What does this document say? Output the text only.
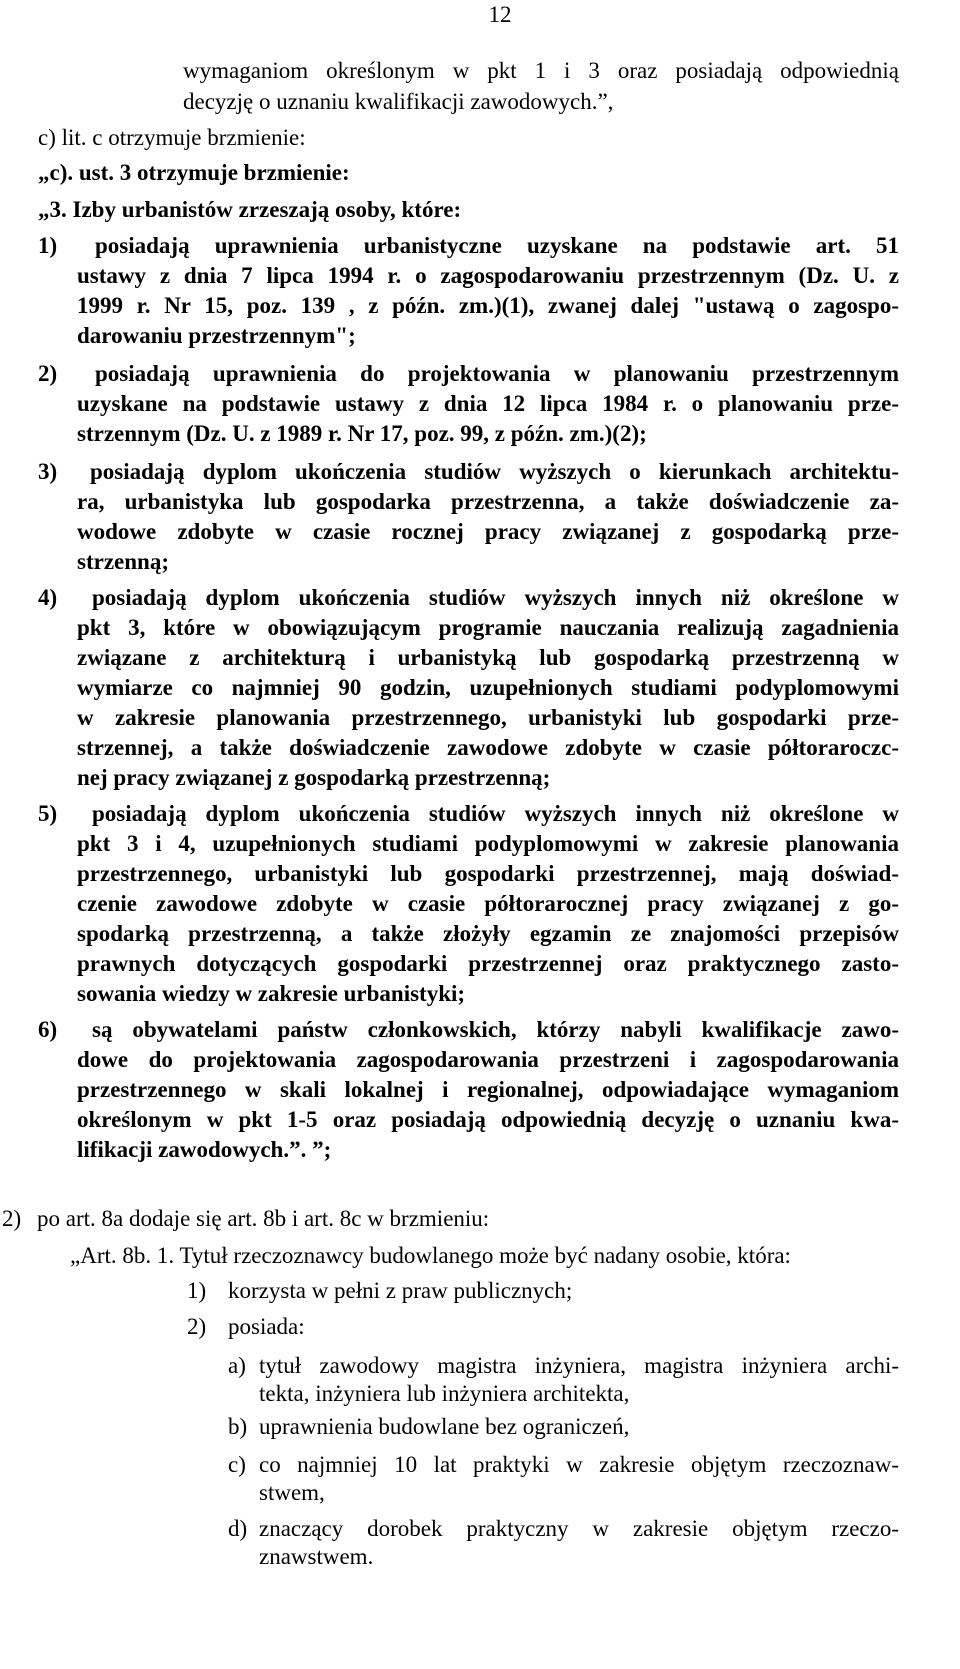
12
wymaganiom określonym w pkt 1 i 3 oraz posiadają odpowiednią
decyzję o uznaniu kwalifikacji zawodowych.”,
c) lit. c otrzymuje brzmienie:
„c). ust. 3 otrzymuje brzmienie:
„3. Izby urbanistów zrzeszają osoby, które:
1) posiadają uprawnienia urbanistyczne uzyskane na podstawie art. 51
ustawy z dnia 7 lipca 1994 r. o zagospodarowaniu przestrzennym (Dz. U. z
1999 r. Nr 15, poz. 139 , z późn. zm.)(1), zwanej dalej "ustawą o zagospo-
darowaniu przestrzennym";
2) posiadają uprawnienia do projektowania w planowaniu przestrzennym
uzyskane na podstawie ustawy z dnia 12 lipca 1984 r. o planowaniu prze-
strzennym (Dz. U. z 1989 r. Nr 17, poz. 99, z późn. zm.)(2);
3) posiadają dyplom ukończenia studiów wyższych o kierunkach architektu-
ra, urbanistyka lub gospodarka przestrzenna, a także doświadczenie za-
wodowe zdobyte w czasie rocznej pracy związanej z gospodarką prze-
strzenną;
4) posiadają dyplom ukończenia studiów wyższych innych niż określone w
pkt 3, które w obowiązującym programie nauczania realizują zagadnienia
związane z architekturą i urbanistyką lub gospodarką przestrzenną w
wymiarze co najmniej 90 godzin, uzupełnionych studiami podyplomowymi
w zakresie planowania przestrzennego, urbanistyki lub gospodarki prze-
strzennej, a także doświadczenie zawodowe zdobyte w czasie półtoraroczc-
nej pracy związanej z gospodarką przestrzenną;
5) posiadają dyplom ukończenia studiów wyższych innych niż określone w
pkt 3 i 4, uzupełnionych studiami podyplomowymi w zakresie planowania
przestrzennego, urbanistyki lub gospodarki przestrzennej, mają doświad-
czenie zawodowe zdobyte w czasie półtorarocznej pracy związanej z go-
spodarką przestrzenną, a także złożyły egzamin ze znajomości przepisów
prawnych dotyczących gospodarki przestrzennej oraz praktycznego zasto-
sowania wiedzy w zakresie urbanistyki;
6) są obywatelami państw członkowskich, którzy nabyli kwalifikacje zawo-
dowe do projektowania zagospodarowania przestrzeni i zagospodarowania
przestrzennego w skali lokalnej i regionalnej, odpowiadające wymaganiom
określonym w pkt 1-5 oraz posiadają odpowiednią decyzję o uznaniu kwa-
lifikacji zawodowych.”. ”;
2) po art. 8a dodaje się art. 8b i art. 8c w brzmieniu:
„Art. 8b. 1. Tytuł rzeczoznawcy budowlanego może być nadany osobie, która:
1) korzysta w pełni z praw publicznych;
2) posiada:
a) tytuł zawodowy magistra inżyniera, magistra inżyniera archi-
tekta, inżyniera lub inżyniera architekta,
b) uprawnienia budowlane bez ograniczeń,
c) co najmniej 10 lat praktyki w zakresie objętym rzeczoznaw-
stwem,
d) znaczący dorobek praktyczny w zakresie objętym rzeczo-
znawstwem.
